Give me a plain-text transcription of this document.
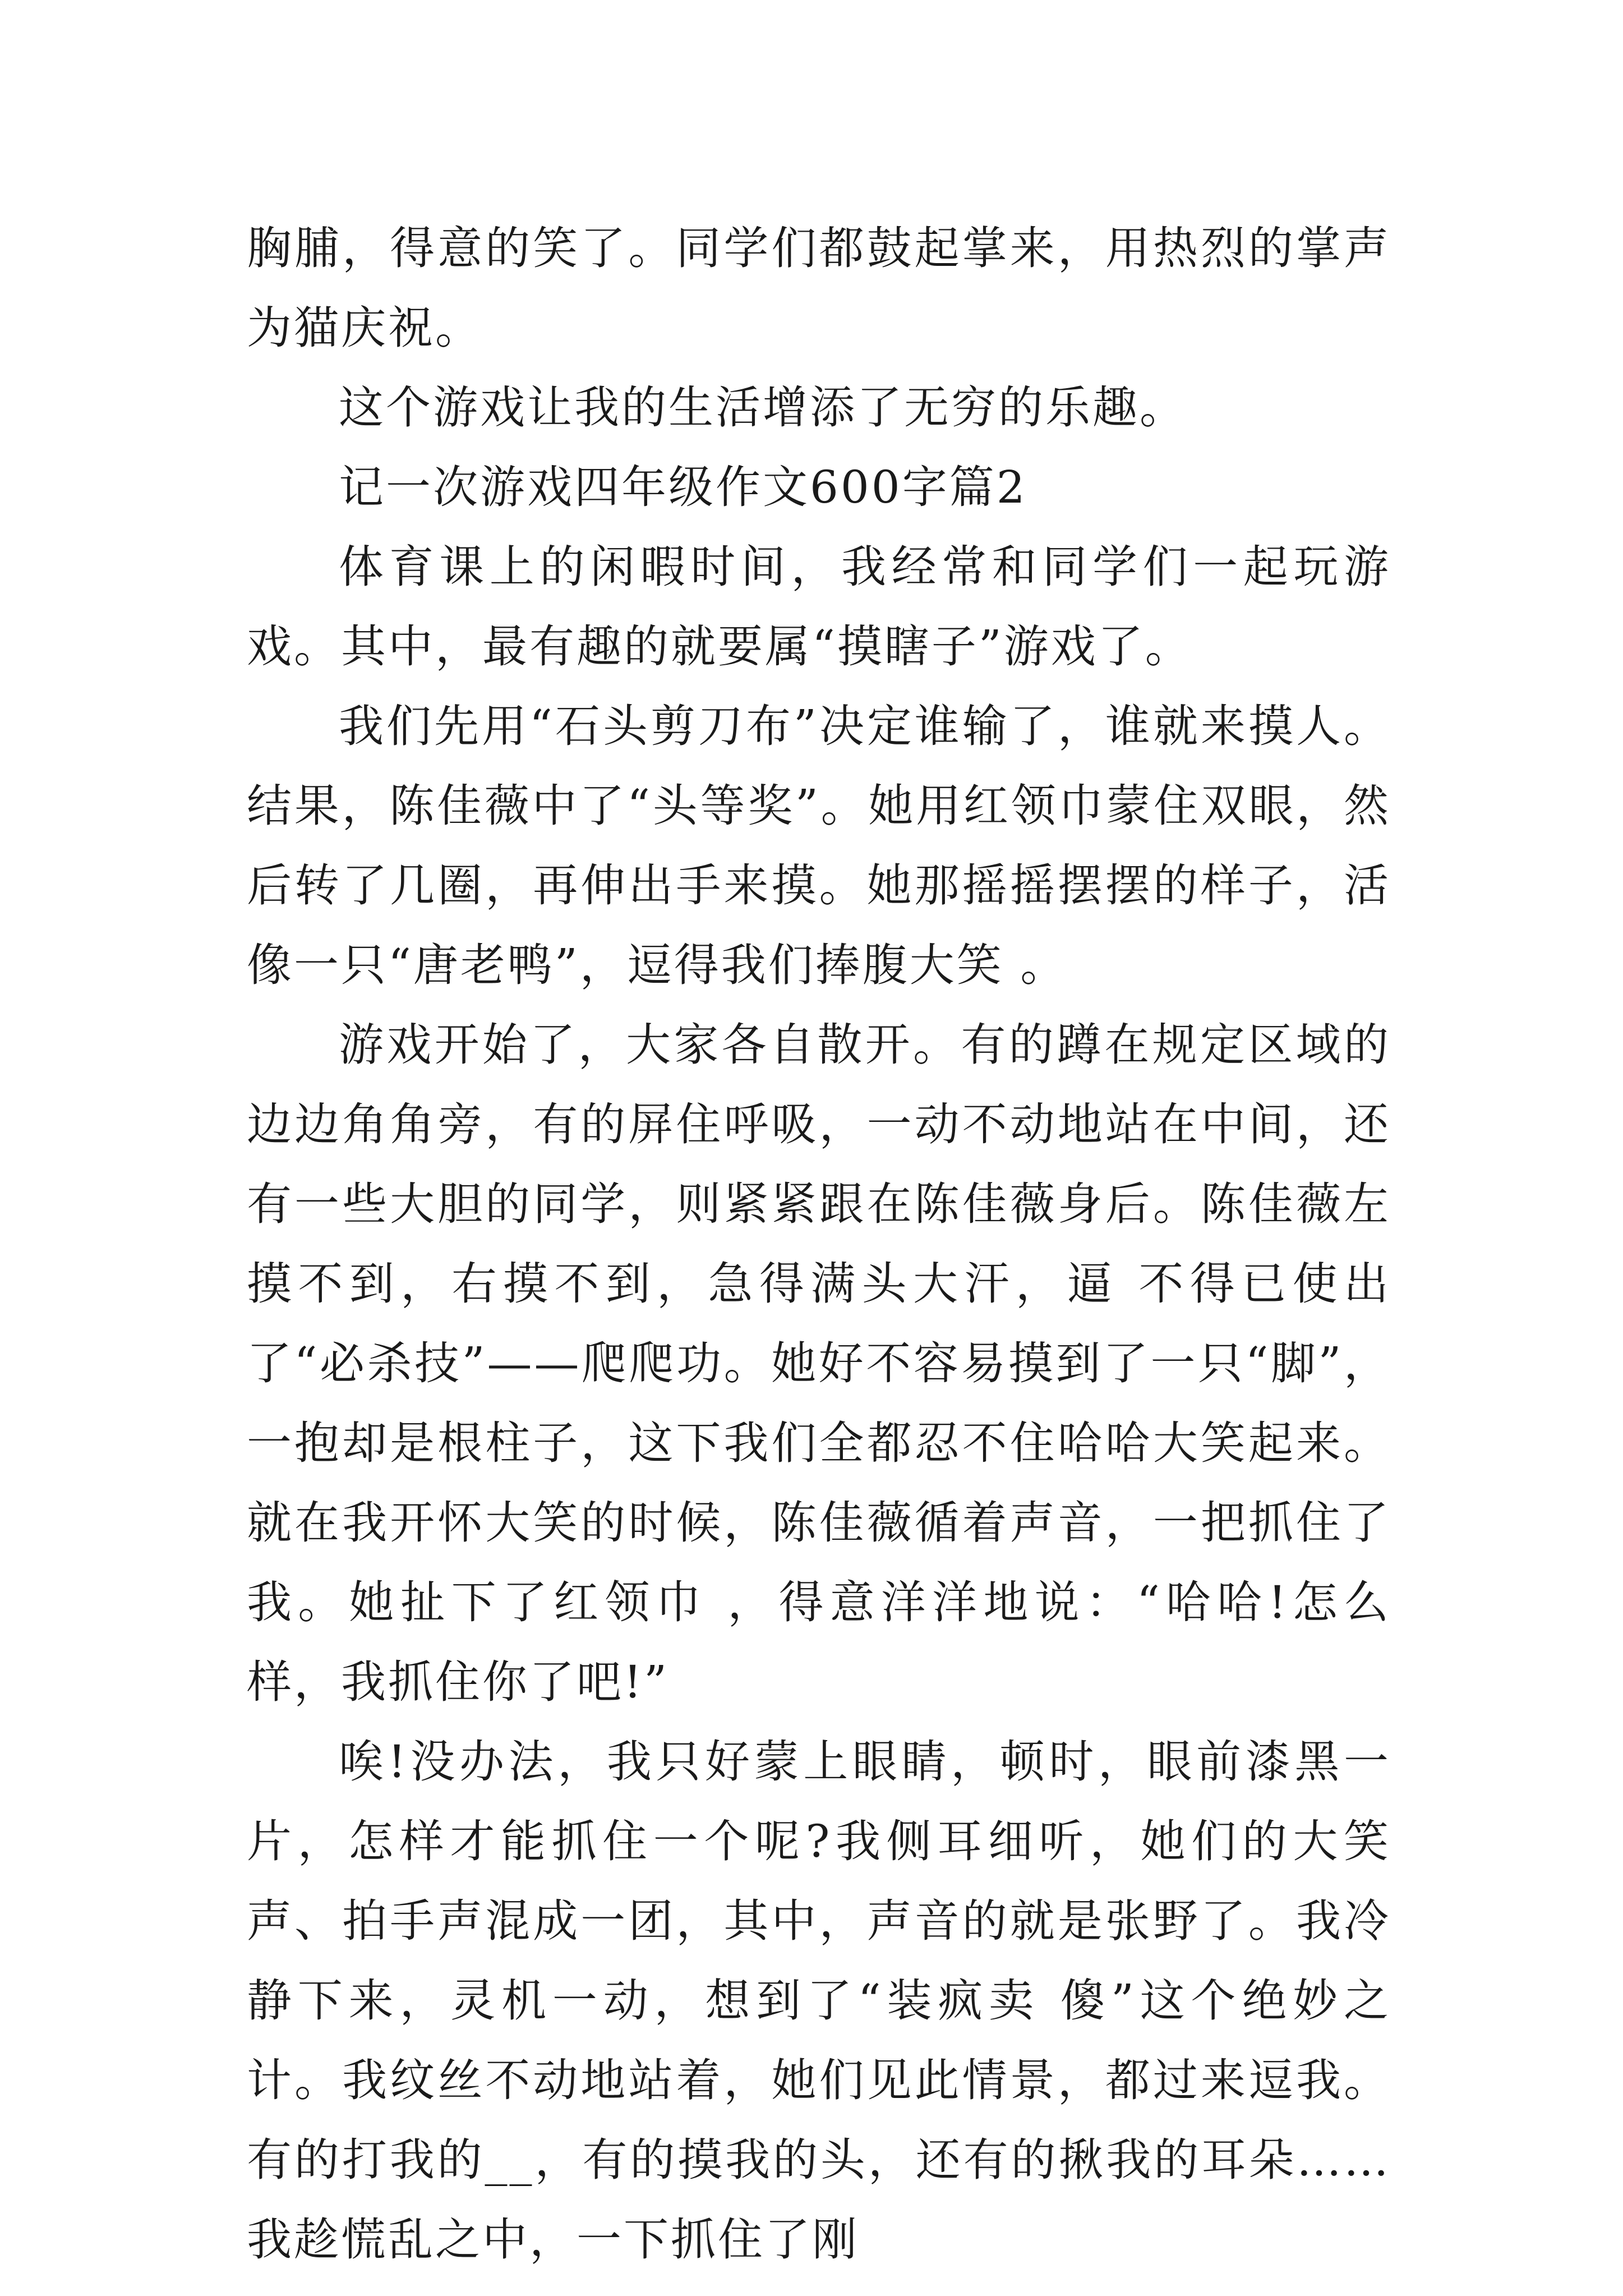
胸脯，得意的笑了。同学们都鼓起掌来，用热烈的掌声为猫庆祝。

这个游戏让我的生活增添了无穷的乐趣。

记一次游戏四年级作文600字篇2

体育课上的闲暇时间，我经常和同学们一起玩游戏。其中，最有趣的就要属“摸瞎子”游戏了。

我们先用“石头剪刀布”决定谁输了，谁就来摸人。结果，陈佳薇中了“头等奖”。她用红领巾蒙住双眼，然后转了几圈，再伸出手来摸。她那摇摇摆摆的样子，活像一只“唐老鸭”，逗得我们捧腹大笑 。

游戏开始了，大家各自散开。有的蹲在规定区域的边边角角旁，有的屏住呼吸，一动不动地站在中间，还有一些大胆的同学，则紧紧跟在陈佳薇身后。陈佳薇左摸不到，右摸不到，急得满头大汗，逼 不得已使出了“必杀技”——爬爬功。她好不容易摸到了一只“脚”，一抱却是根柱子，这下我们全都忍不住哈哈大笑起来。就在我开怀大笑的时候，陈佳薇循着声音，一把抓住了我。她扯下了红领巾 ，得意洋洋地说：“哈哈!怎么样，我抓住你了吧!”

唉!没办法，我只好蒙上眼睛，顿时，眼前漆黑一片，怎样才能抓住一个呢?我侧耳细听，她们的大笑声、拍手声混成一团，其中，声音的就是张野了。我冷静下来，灵机一动，想到了“装疯卖 傻”这个绝妙之计。我纹丝不动地站着，她们见此情景，都过来逗我。有的打我的__，有的摸我的头，还有的揪我的耳朵……我趁慌乱之中，一下抓住了刚
